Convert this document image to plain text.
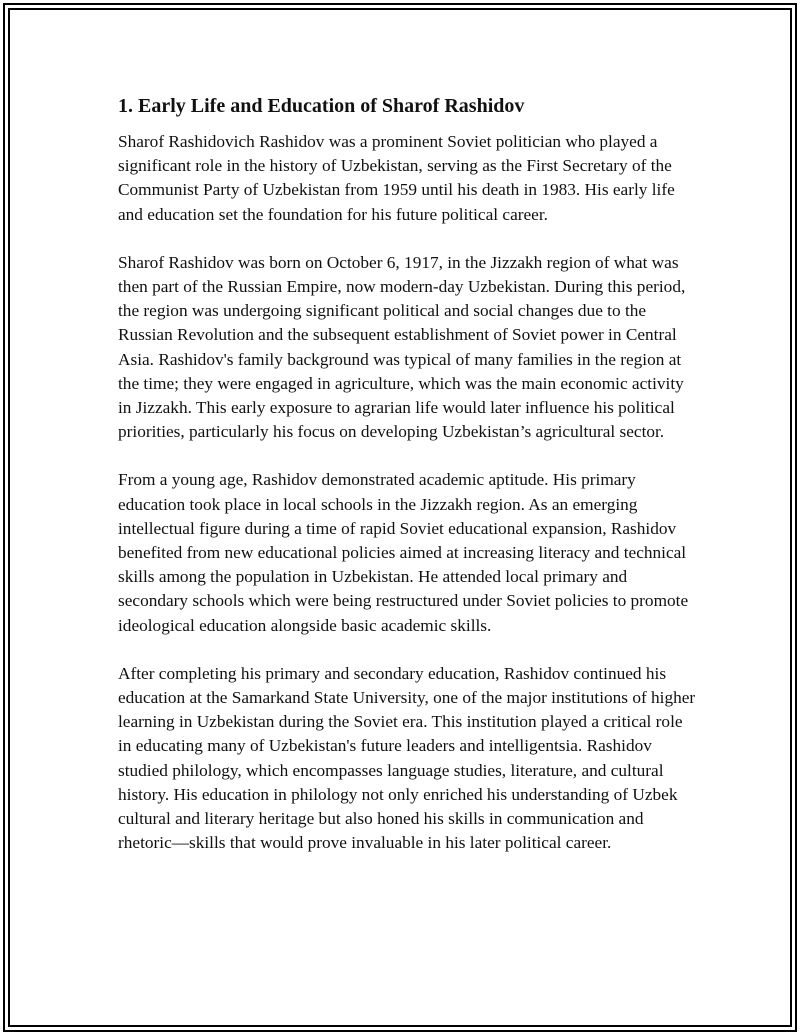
1. Early Life and Education of Sharof Rashidov

Sharof Rashidovich Rashidov was a prominent Soviet politician who played a significant role in the history of Uzbekistan, serving as the First Secretary of the Communist Party of Uzbekistan from 1959 until his death in 1983. His early life and education set the foundation for his future political career.

Sharof Rashidov was born on October 6, 1917, in the Jizzakh region of what was then part of the Russian Empire, now modern-day Uzbekistan. During this period, the region was undergoing significant political and social changes due to the Russian Revolution and the subsequent establishment of Soviet power in Central Asia. Rashidov's family background was typical of many families in the region at the time; they were engaged in agriculture, which was the main economic activity in Jizzakh. This early exposure to agrarian life would later influence his political priorities, particularly his focus on developing Uzbekistan’s agricultural sector.

From a young age, Rashidov demonstrated academic aptitude. His primary education took place in local schools in the Jizzakh region. As an emerging intellectual figure during a time of rapid Soviet educational expansion, Rashidov benefited from new educational policies aimed at increasing literacy and technical skills among the population in Uzbekistan. He attended local primary and secondary schools which were being restructured under Soviet policies to promote ideological education alongside basic academic skills.

After completing his primary and secondary education, Rashidov continued his education at the Samarkand State University, one of the major institutions of higher learning in Uzbekistan during the Soviet era. This institution played a critical role in educating many of Uzbekistan's future leaders and intelligentsia. Rashidov studied philology, which encompasses language studies, literature, and cultural history. His education in philology not only enriched his understanding of Uzbek cultural and literary heritage but also honed his skills in communication and rhetoric—skills that would prove invaluable in his later political career.
